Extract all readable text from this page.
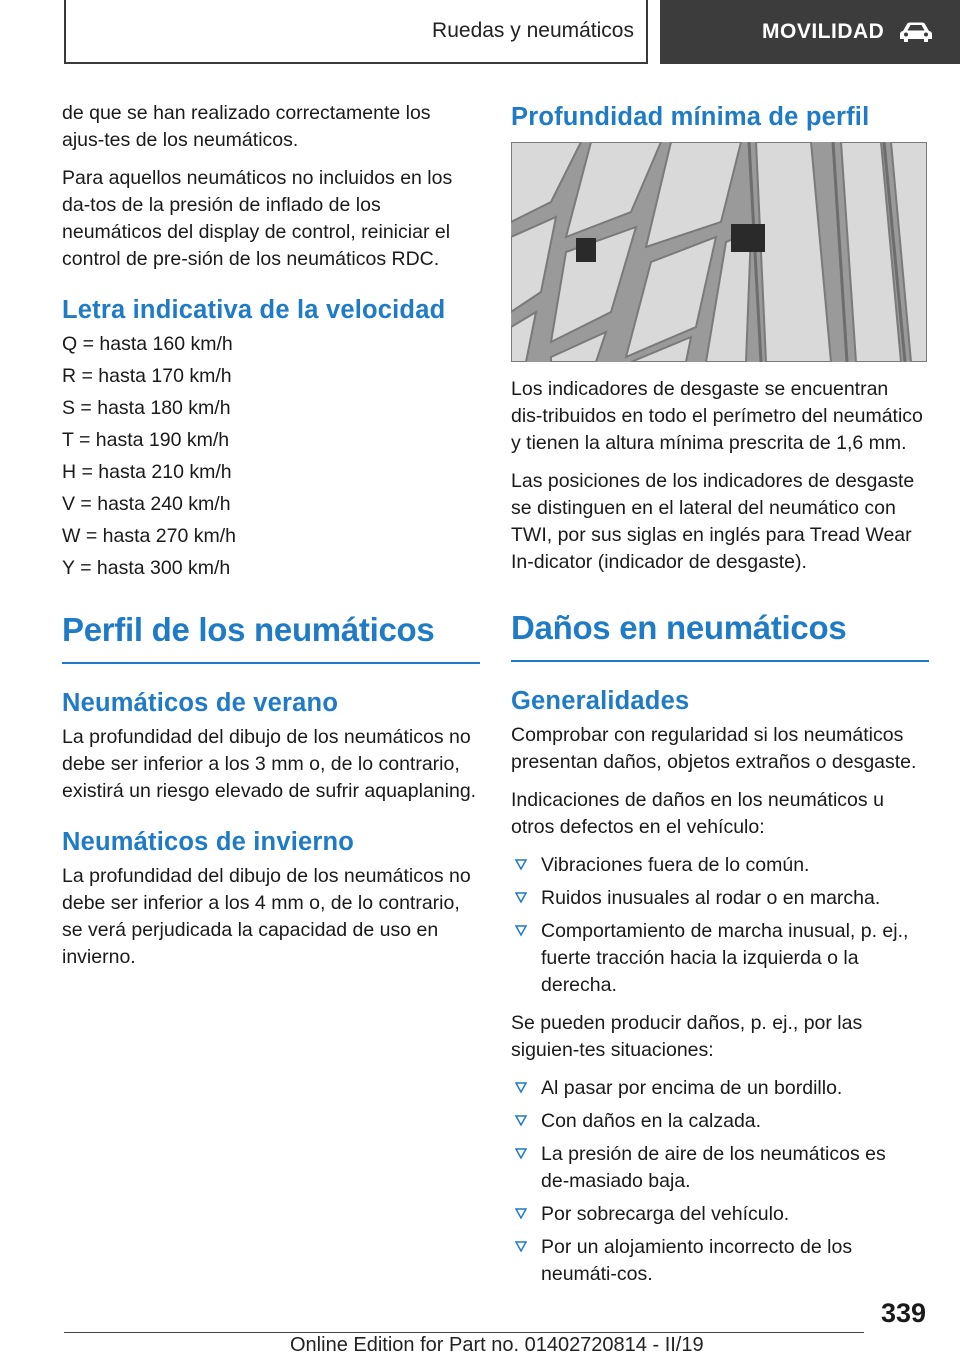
Ruedas y neumáticos	MOVILIDAD

de que se han realizado correctamente los ajus‑tes de los neumáticos.

Para aquellos neumáticos no incluidos en los da‑tos de la presión de inflado de los neumáticos del display de control, reiniciar el control de pre‑sión de los neumáticos RDC.

Letra indicativa de la velocidad

Q = hasta 160 km/h

R = hasta 170 km/h

S = hasta 180 km/h

T = hasta 190 km/h

H = hasta 210 km/h

V = hasta 240 km/h

W = hasta 270 km/h

Y = hasta 300 km/h

Perfil de los neumáticos
Neumáticos de verano

La profundidad del dibujo de los neumáticos no debe ser inferior a los 3 mm o, de lo contrario, existirá un riesgo elevado de sufrir aquaplaning.

Neumáticos de invierno

La profundidad del dibujo de los neumáticos no debe ser inferior a los 4 mm o, de lo contrario, se verá perjudicada la capacidad de uso en invierno.

Profundidad mínima de perfil

Los indicadores de desgaste se encuentran dis‑tribuidos en todo el perímetro del neumático y tienen la altura mínima prescrita de 1,6 mm.

Las posiciones de los indicadores de desgaste se distinguen en el lateral del neumático con TWI, por sus siglas en inglés para Tread Wear In‑dicator (indicador de desgaste).

Daños en neumáticos
Generalidades

Comprobar con regularidad si los neumáticos presentan daños, objetos extraños o desgaste.

Indicaciones de daños en los neumáticos u otros defectos en el vehículo:

Vibraciones fuera de lo común.
Ruidos inusuales al rodar o en marcha.
Comportamiento de marcha inusual, p. ej., fuerte tracción hacia la izquierda o la derecha.

Se pueden producir daños, p. ej., por las siguien‑tes situaciones:

Al pasar por encima de un bordillo.
Con daños en la calzada.
La presión de aire de los neumáticos es de‑masiado baja.
Por sobrecarga del vehículo.
Por un alojamiento incorrecto de los neumáti‑cos.
339
Online Edition for Part no. 01402720814 - II/19
